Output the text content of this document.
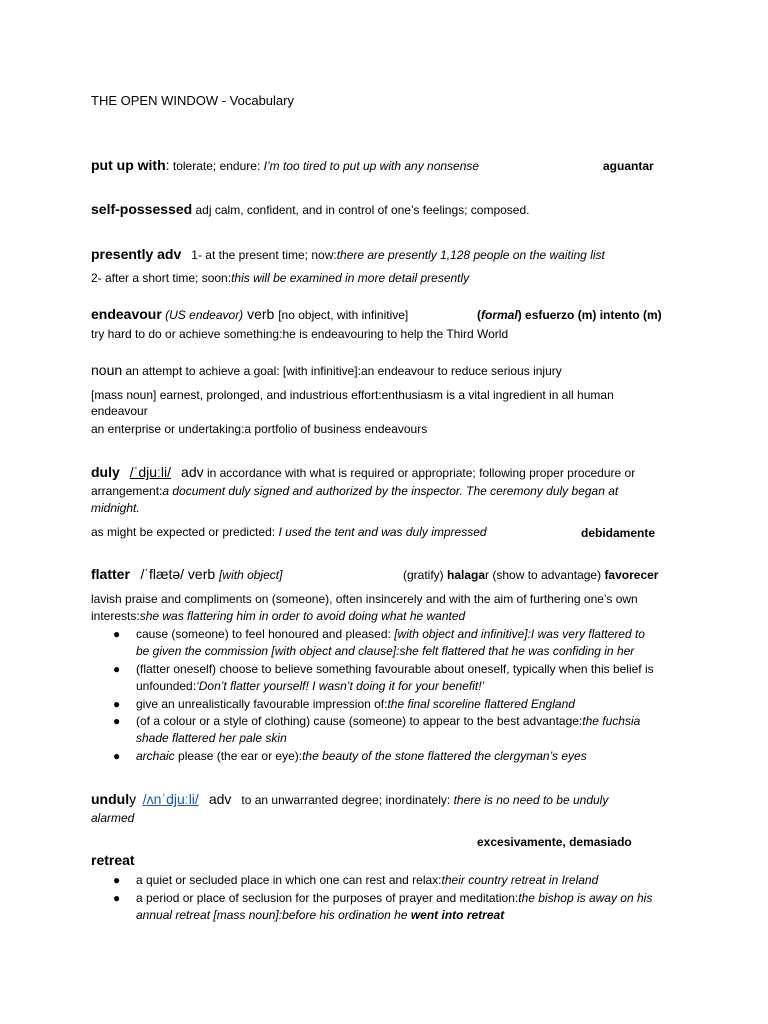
THE OPEN WINDOW - Vocabulary
put up with: tolerate; endure: I’m too tired to put up with any nonsense	aguantar
self-possessed adj calm, confident, and in control of one’s feelings; composed.
presently adv 1- at the present time; now:there are presently 1,128 people on the waiting list
2- after a short time; soon:this will be examined in more detail presently
endeavour (US endeavor) verb [no object, with infinitive]	(formal) esfuerzo (m) intento (m)
try hard to do or achieve something:he is endeavouring to help the Third World
noun an attempt to achieve a goal: [with infinitive]:an endeavour to reduce serious injury
[mass noun] earnest, prolonged, and industrious effort:enthusiasm is a vital ingredient in all human
endeavour
an enterprise or undertaking:a portfolio of business endeavours
duly /ˈdjuːli/ adv in accordance with what is required or appropriate; following proper procedure or
arrangement:a document duly signed and authorized by the inspector. The ceremony duly began at
midnight.
as might be expected or predicted: I used the tent and was duly impressed	debidamente
flatter   /ˈflætə/ verb [with object]	(gratify) halagar (show to advantage) favorecer
lavish praise and compliments on (someone), often insincerely and with the aim of furthering one’s own
interests:she was flattering him in order to avoid doing what he wanted
● cause (someone) to feel honoured and pleased: [with object and infinitive]:I was very flattered to
be given the commission [with object and clause]:she felt flattered that he was confiding in her
● (flatter oneself) choose to believe something favourable about oneself, typically when this belief is
unfounded:‘Don’t flatter yourself! I wasn’t doing it for your benefit!’
● give an unrealistically favourable impression of:the final scoreline flattered England
● (of a colour or a style of clothing) cause (someone) to appear to the best advantage:the fuchsia
shade flattered her pale skin
● archaic please (the ear or eye):the beauty of the stone flattered the clergyman’s eyes
unduly /ʌnˈdjuːli/ adv   to an unwarranted degree; inordinately: there is no need to be unduly
alarmed
excesivamente, demasiado
retreat
● a quiet or secluded place in which one can rest and relax:their country retreat in Ireland
● a period or place of seclusion for the purposes of prayer and meditation:the bishop is away on his
annual retreat [mass noun]:before his ordination he went into retreat
